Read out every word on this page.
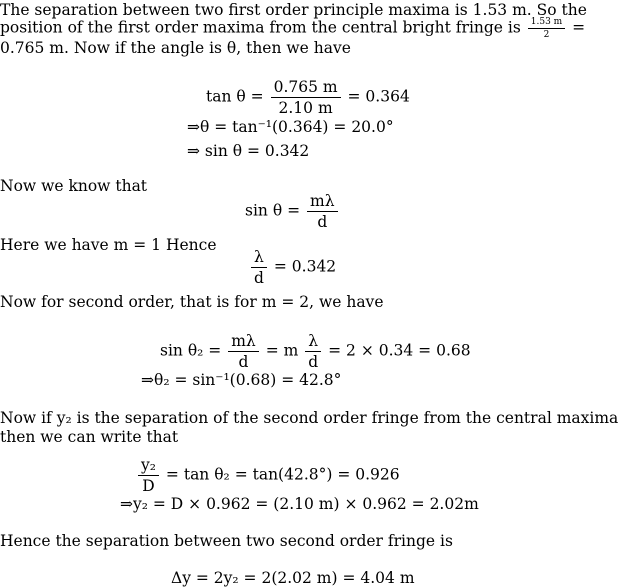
The separation between two first order principle maxima is 1.53 m. So the
position of the first order maxima from the central bright fringe is $\frac{1.53 m}{2}$ =
0.765 m. Now if the angle is θ, then we have
$\tan \theta = \frac{0.765 m}{2.10 m} = 0.364$
⇒θ = tan⁻¹(0.364) = 20.0°
⇒ sin θ = 0.342
Now we know that
$\sin \theta = \frac{m\lambda}{d}$
Here we have m = 1 Hence
$\frac{\lambda}{d} = 0.342$
Now for second order, that is for m = 2, we have
$\sin \theta_2 = \frac{m\lambda}{d} = m \frac{\lambda}{d} = 2 \times 0.34 = 0.68$
⇒θ₂ = sin⁻¹(0.68) = 42.8°
Now if y₂ is the separation of the second order fringe from the central maxima
then we can write that
$\frac{\text{y₂}}{D} = \tan \theta_2 = \tan(42.8^\circ) = 0.926$
⇒y₂ = D × 0.962 = (2.10 m) × 0.962 = 2.02m
Hence the separation between two second order fringe is
Δy = 2y₂ = 2(2.02 m) = 4.04 m
